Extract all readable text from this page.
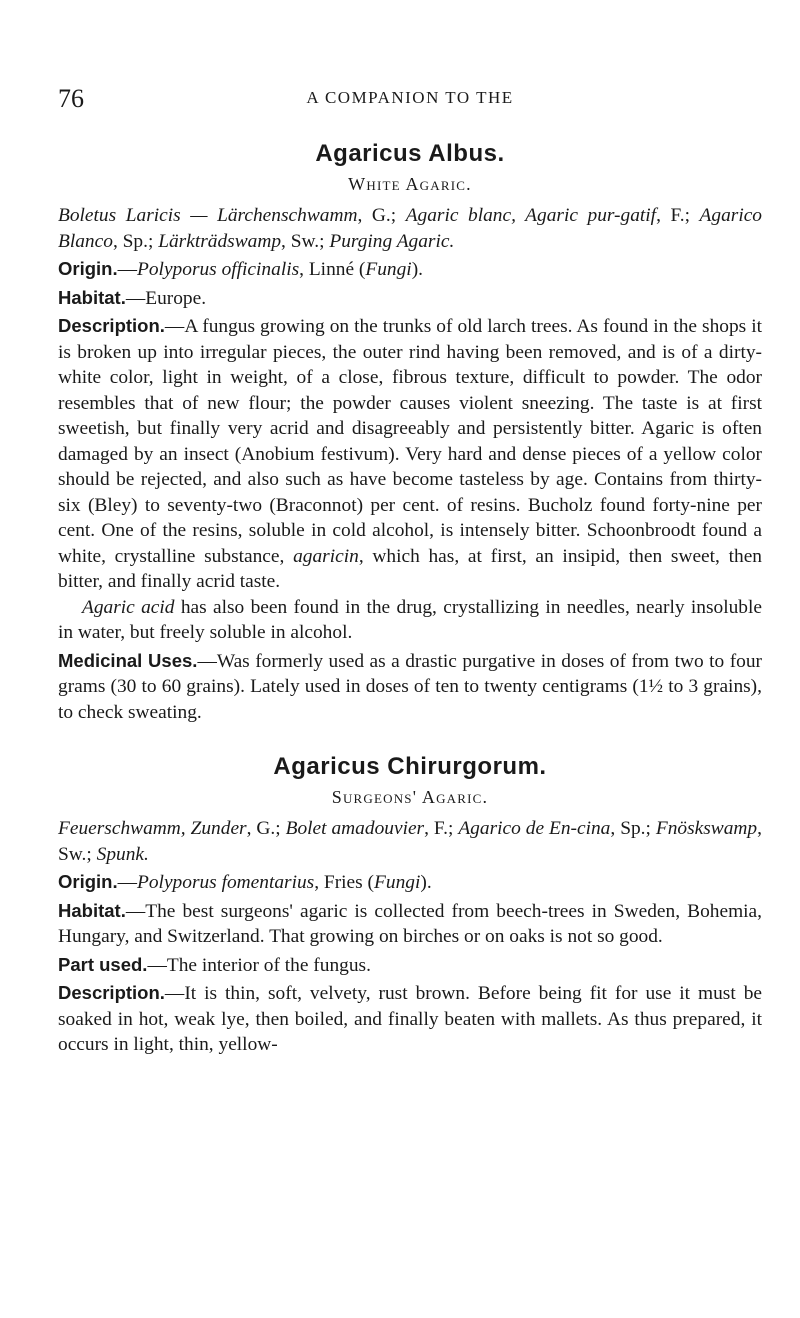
76	A COMPANION TO THE
Agaricus Albus.
White Agaric.

Boletus Laricis — Lärchenschwamm, G.; Agaric blanc, Agaric pur-gatif, F.; Agarico Blanco, Sp.; Lärkträdswamp, Sw.; Purging Agaric.

Origin.—Polyporus officinalis, Linné (Fungi).

Habitat.—Europe.

Description.—A fungus growing on the trunks of old larch trees. As found in the shops it is broken up into irregular pieces, the outer rind having been removed, and is of a dirty-white color, light in weight, of a close, fibrous texture, difficult to powder. The odor resembles that of new flour; the powder causes violent sneezing. The taste is at first sweetish, but finally very acrid and disagreeably and persistently bitter. Agaric is often damaged by an insect (Anobium festivum). Very hard and dense pieces of a yellow color should be rejected, and also such as have become tasteless by age. Contains from thirty-six (Bley) to seventy-two (Braconnot) per cent. of resins. Bucholz found forty-nine per cent. One of the resins, soluble in cold alcohol, is intensely bitter. Schoonbroodt found a white, crystalline substance, agaricin, which has, at first, an insipid, then sweet, then bitter, and finally acrid taste.

Agaric acid has also been found in the drug, crystallizing in needles, nearly insoluble in water, but freely soluble in alcohol.

Medicinal Uses.—Was formerly used as a drastic purgative in doses of from two to four grams (30 to 60 grains). Lately used in doses of ten to twenty centigrams (1½ to 3 grains), to check sweating.

Agaricus Chirurgorum.
Surgeons' Agaric.

Feuerschwamm, Zunder, G.; Bolet amadouvier, F.; Agarico de En-cina, Sp.; Fnöskswamp, Sw.; Spunk.

Origin.—Polyporus fomentarius, Fries (Fungi).

Habitat.—The best surgeons' agaric is collected from beech-trees in Sweden, Bohemia, Hungary, and Switzerland. That growing on birches or on oaks is not so good.

Part used.—The interior of the fungus.

Description.—It is thin, soft, velvety, rust brown. Before being fit for use it must be soaked in hot, weak lye, then boiled, and finally beaten with mallets. As thus prepared, it occurs in light, thin, yellow-
